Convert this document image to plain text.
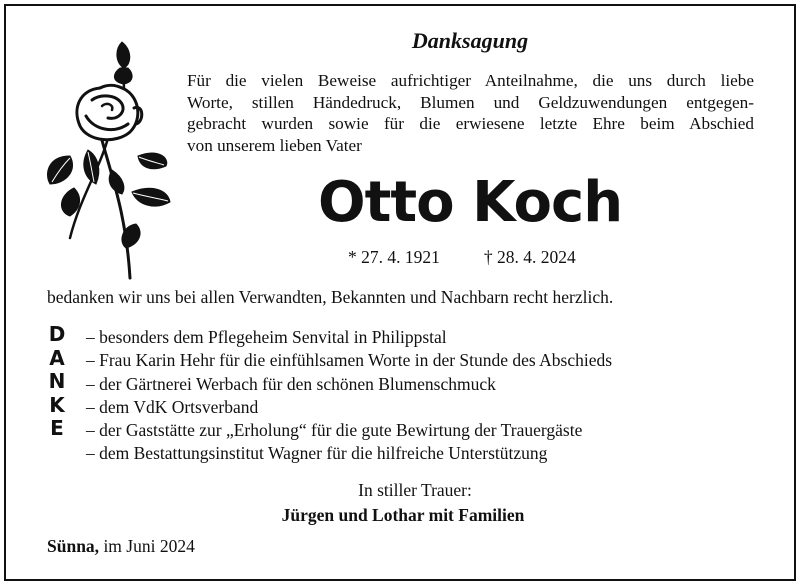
Danksagung
Für die vielen Beweise aufrichtiger Anteilnahme, die uns durch liebe
Worte, stillen Händedruck, Blumen und Geldzuwendungen entgegen-
gebracht wurden sowie für die erwiesene letzte Ehre beim Abschied
von unserem lieben Vater
Otto Koch
* 27. 4. 1921	† 28. 4. 2024
bedanken wir uns bei allen Verwandten, Bekannten und Nachbarn recht herzlich.
D
A
N
K
E
– besonders dem Pflegeheim Senvital in Philippstal
– Frau Karin Hehr für die einfühlsamen Worte in der Stunde des Abschieds
– der Gärtnerei Werbach für den schönen Blumenschmuck
– dem VdK Ortsverband
– der Gaststätte zur „Erholung“ für die gute Bewirtung der Trauergäste
– dem Bestattungsinstitut Wagner für die hilfreiche Unterstützung
In stiller Trauer:
Jürgen und Lothar mit Familien
Sünna, im Juni 2024
